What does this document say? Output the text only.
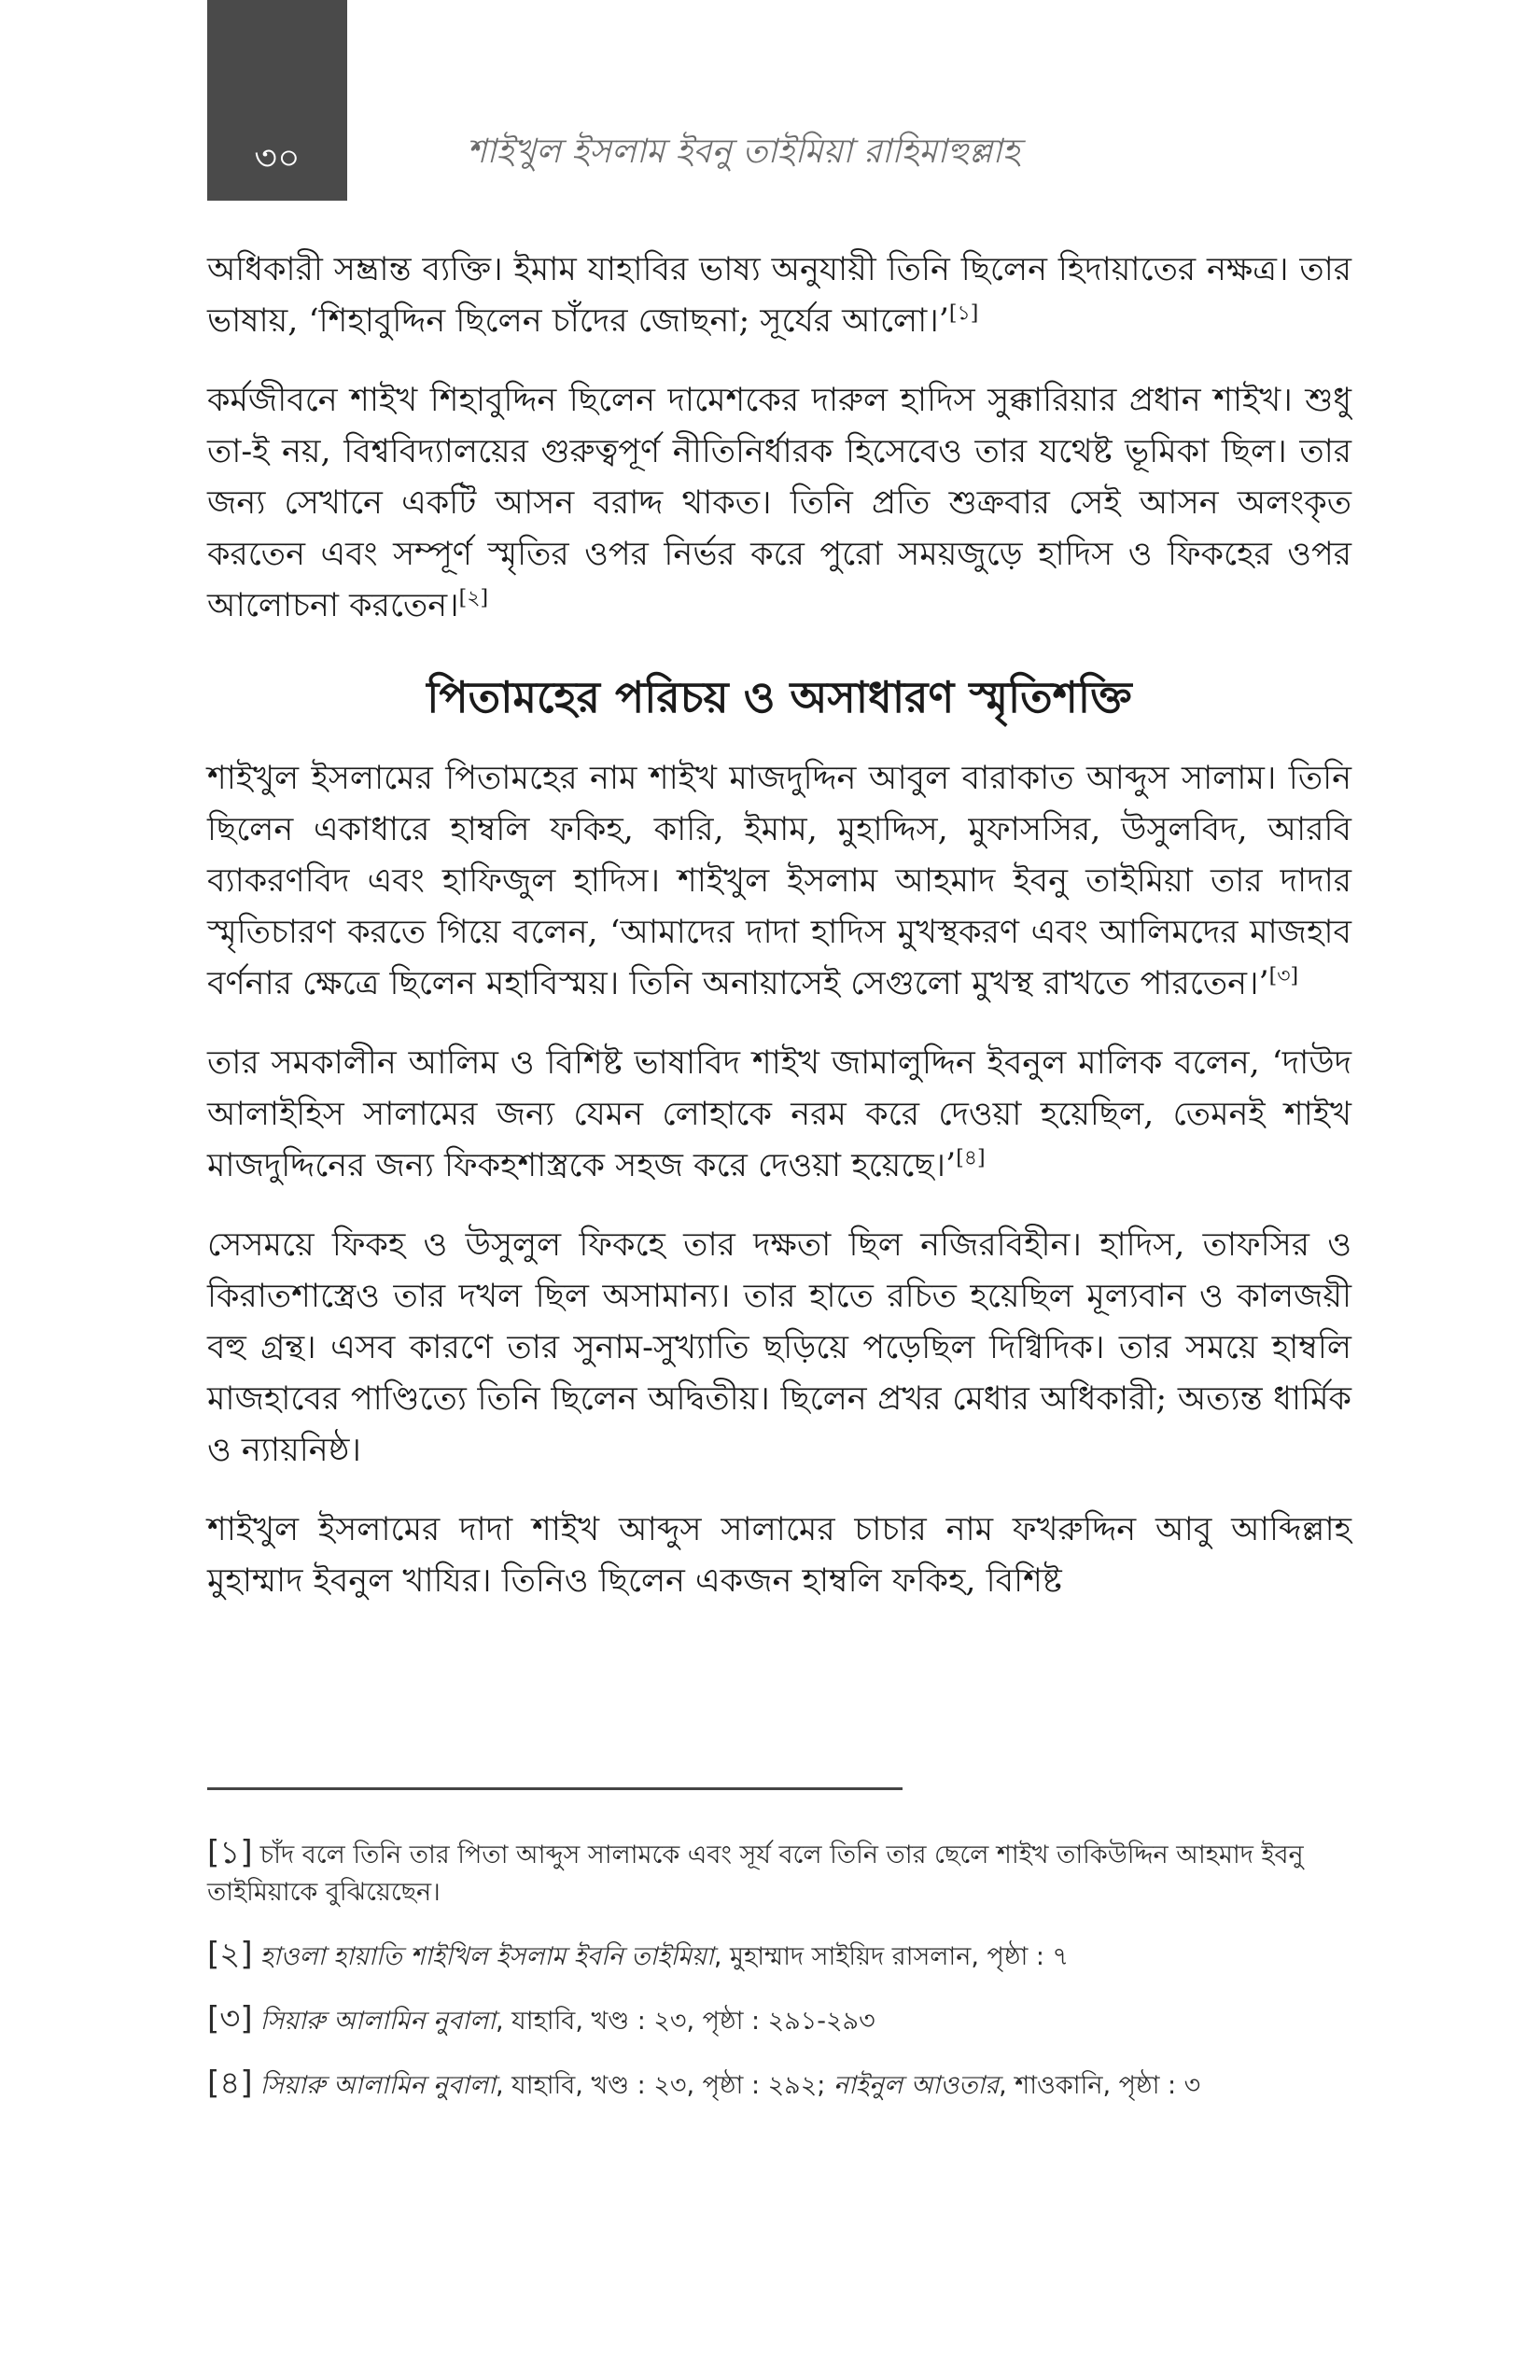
৩০	শাইখুল ইসলাম ইবনু তাইমিয়া রাহিমাহুল্লাহ

অধিকারী সম্ভ্রান্ত ব্যক্তি। ইমাম যাহাবির ভাষ্য অনুযায়ী তিনি ছিলেন হিদায়াতের নক্ষত্র। তার ভাষায়, ‘শিহাবুদ্দিন ছিলেন চাঁদের জোছনা; সূর্যের আলো।’[১]

কর্মজীবনে শাইখ শিহাবুদ্দিন ছিলেন দামেশকের দারুল হাদিস সুক্কারিয়ার প্রধান শাইখ। শুধু তা-ই নয়, বিশ্ববিদ্যালয়ের গুরুত্বপূর্ণ নীতিনির্ধারক হিসেবেও তার যথেষ্ট ভূমিকা ছিল। তার জন্য সেখানে একটি আসন বরাদ্দ থাকত। তিনি প্রতি শুক্রবার সেই আসন অলংকৃত করতেন এবং সম্পূর্ণ স্মৃতির ওপর নির্ভর করে পুরো সময়জুড়ে হাদিস ও ফিকহের ওপর আলোচনা করতেন।[২]

পিতামহের পরিচয় ও অসাধারণ স্মৃতিশক্তি

শাইখুল ইসলামের পিতামহের নাম শাইখ মাজদুদ্দিন আবুল বারাকাত আব্দুস সালাম। তিনি ছিলেন একাধারে হাম্বলি ফকিহ, কারি, ইমাম, মুহাদ্দিস, মুফাসসির, উসুলবিদ, আরবি ব্যাকরণবিদ এবং হাফিজুল হাদিস। শাইখুল ইসলাম আহমাদ ইবনু তাইমিয়া তার দাদার স্মৃতিচারণ করতে গিয়ে বলেন, ‘আমাদের দাদা হাদিস মুখস্থকরণ এবং আলিমদের মাজহাব বর্ণনার ক্ষেত্রে ছিলেন মহাবিস্ময়। তিনি অনায়াসেই সেগুলো মুখস্থ রাখতে পারতেন।’[৩]

তার সমকালীন আলিম ও বিশিষ্ট ভাষাবিদ শাইখ জামালুদ্দিন ইবনুল মালিক বলেন, ‘দাউদ আলাইহিস সালামের জন্য যেমন লোহাকে নরম করে দেওয়া হয়েছিল, তেমনই শাইখ মাজদুদ্দিনের জন্য ফিকহশাস্ত্রকে সহজ করে দেওয়া হয়েছে।’[৪]

সেসময়ে ফিকহ ও উসুলুল ফিকহে তার দক্ষতা ছিল নজিরবিহীন। হাদিস, তাফসির ও কিরাতশাস্ত্রেও তার দখল ছিল অসামান্য। তার হাতে রচিত হয়েছিল মূল্যবান ও কালজয়ী বহু গ্রন্থ। এসব কারণে তার সুনাম-সুখ্যাতি ছড়িয়ে পড়েছিল দিগ্বিদিক। তার সময়ে হাম্বলি মাজহাবের পাণ্ডিত্যে তিনি ছিলেন অদ্বিতীয়। ছিলেন প্রখর মেধার অধিকারী; অত্যন্ত ধার্মিক ও ন্যায়নিষ্ঠ।

শাইখুল ইসলামের দাদা শাইখ আব্দুস সালামের চাচার নাম ফখরুদ্দিন আবু আব্দিল্লাহ মুহাম্মাদ ইবনুল খাযির। তিনিও ছিলেন একজন হাম্বলি ফকিহ, বিশিষ্ট

[১] চাঁদ বলে তিনি তার পিতা আব্দুস সালামকে এবং সূর্য বলে তিনি তার ছেলে শাইখ তাকিউদ্দিন আহমাদ ইবনু তাইমিয়াকে বুঝিয়েছেন।
[২] হাওলা হায়াতি শাইখিল ইসলাম ইবনি তাইমিয়া, মুহাম্মাদ সাইয়িদ রাসলান, পৃষ্ঠা : ৭
[৩] সিয়ারু আলামিন নুবালা, যাহাবি, খণ্ড : ২৩, পৃষ্ঠা : ২৯১-২৯৩
[৪] সিয়ারু আলামিন নুবালা, যাহাবি, খণ্ড : ২৩, পৃষ্ঠা : ২৯২; নাইনুল আওতার, শাওকানি, পৃষ্ঠা : ৩
